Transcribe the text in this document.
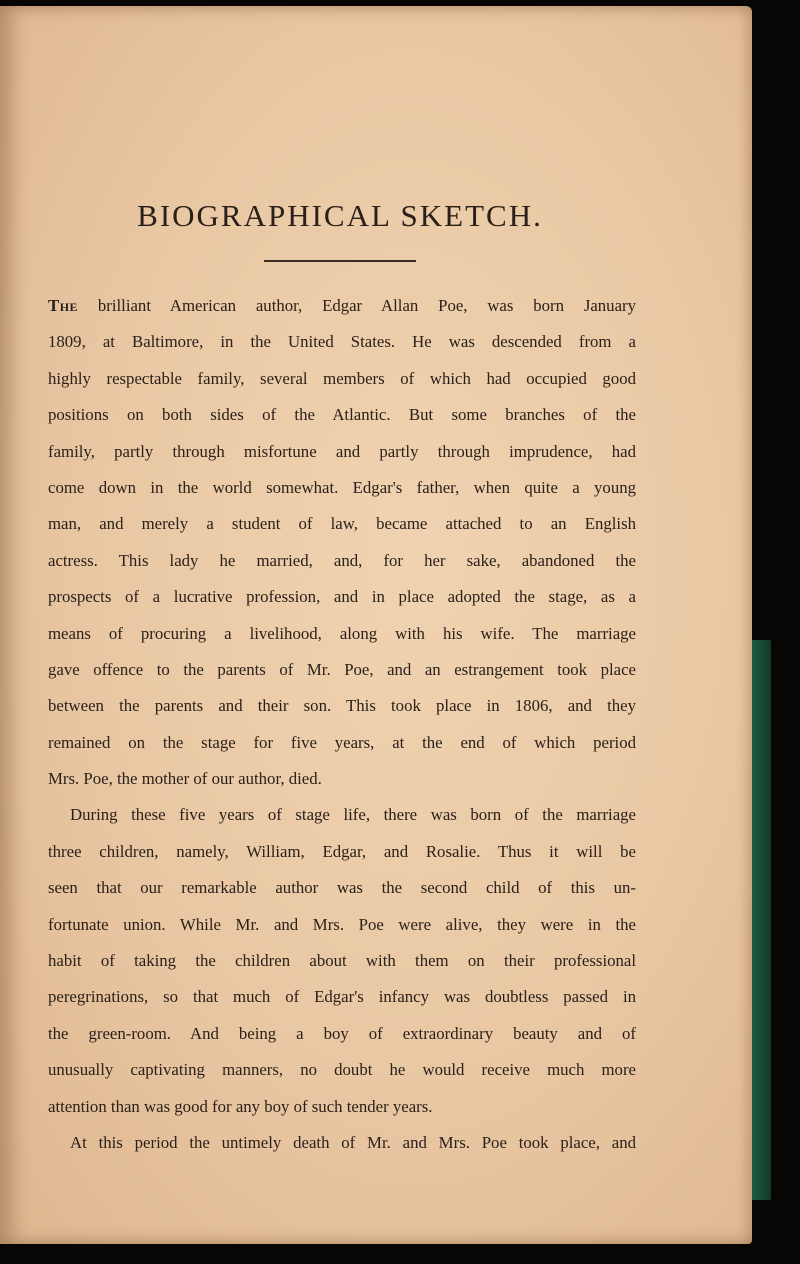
BIOGRAPHICAL SKETCH.
The brilliant American author, Edgar Allan Poe, was born January
1809, at Baltimore, in the United States. He was descended from a
highly respectable family, several members of which had occupied good
positions on both sides of the Atlantic. But some branches of the
family, partly through misfortune and partly through imprudence, had
come down in the world somewhat. Edgar's father, when quite a young
man, and merely a student of law, became attached to an English
actress. This lady he married, and, for her sake, abandoned the
prospects of a lucrative profession, and in place adopted the stage, as a
means of procuring a livelihood, along with his wife. The marriage
gave offence to the parents of Mr. Poe, and an estrangement took place
between the parents and their son. This took place in 1806, and they
remained on the stage for five years, at the end of which period
Mrs. Poe, the mother of our author, died.
During these five years of stage life, there was born of the marriage
three children, namely, William, Edgar, and Rosalie. Thus it will be
seen that our remarkable author was the second child of this un-
fortunate union. While Mr. and Mrs. Poe were alive, they were in the
habit of taking the children about with them on their professional
peregrinations, so that much of Edgar's infancy was doubtless passed in
the green-room. And being a boy of extraordinary beauty and of
unusually captivating manners, no doubt he would receive much more
attention than was good for any boy of such tender years.
At this period the untimely death of Mr. and Mrs. Poe took place, and
